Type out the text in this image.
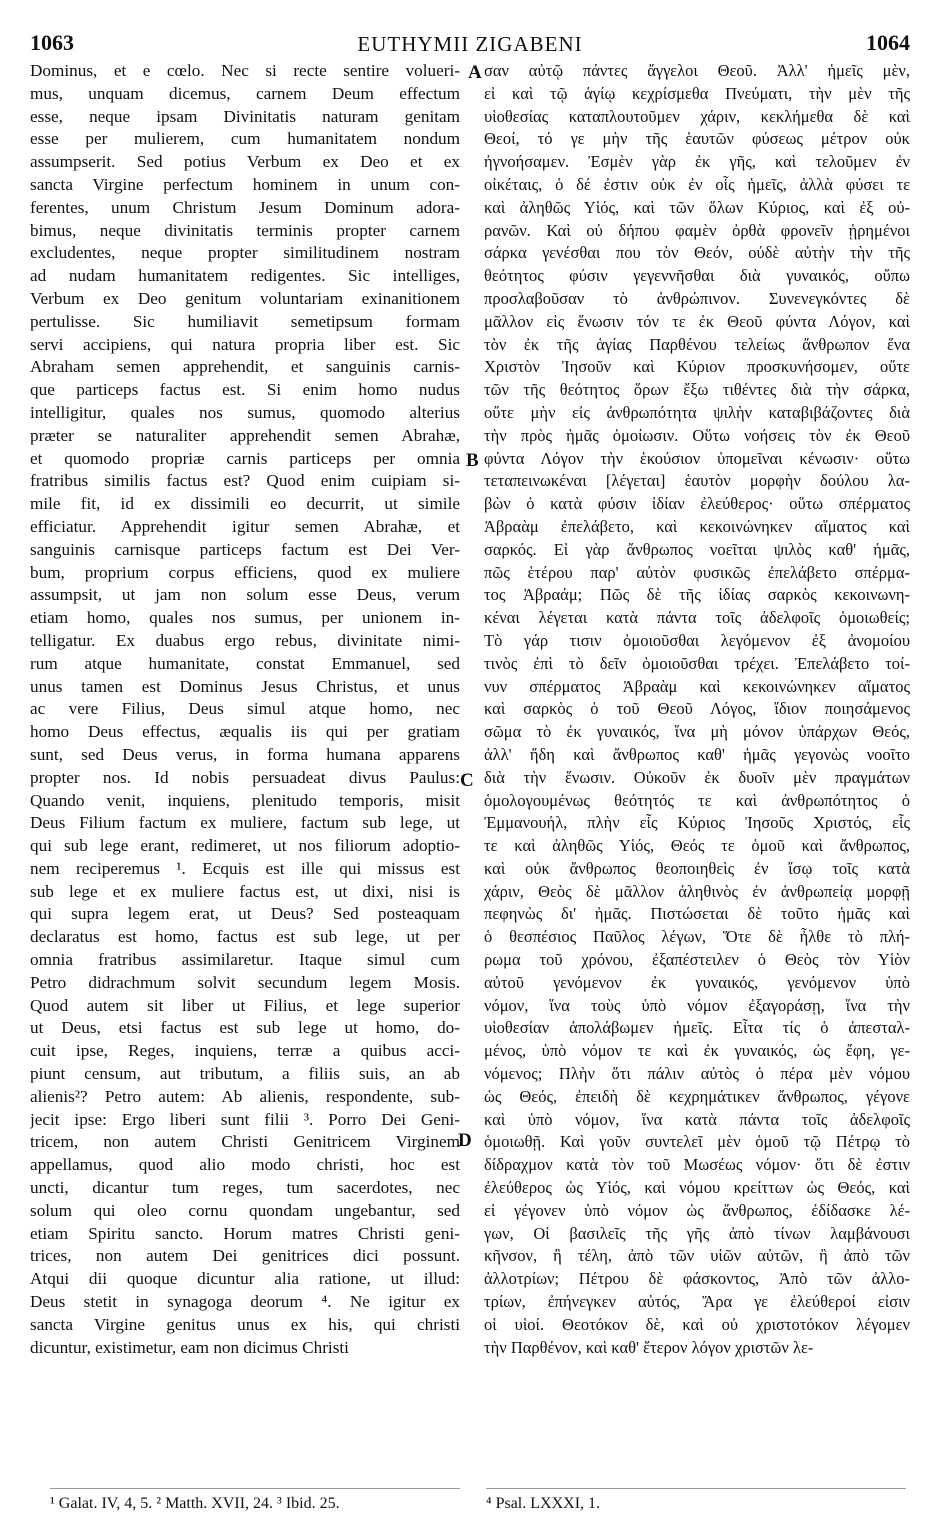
1063	EUTHYMII ZIGABENI	1064
Dominus, et e cœlo. Nec si recte sentire volueri-
mus, unquam dicemus, carnem Deum effectum
esse, neque ipsam Divinitatis naturam genitam
esse per mulierem, cum humanitatem nondum
assumpserit. Sed potius Verbum ex Deo et ex
sancta Virgine perfectum hominem in unum con-
ferentes, unum Christum Jesum Dominum adora-
bimus, neque divinitatis terminis propter carnem
excludentes, neque propter similitudinem nostram
ad nudam humanitatem redigentes. Sic intelliges,
Verbum ex Deo genitum voluntariam exinanitionem
pertulisse. Sic humiliavit semetipsum formam
servi accipiens, qui natura propria liber est. Sic
Abraham semen apprehendit, et sanguinis carnis-
que particeps factus est. Si enim homo nudus
intelligitur, quales nos sumus, quomodo alterius
præter se naturaliter apprehendit semen Abrahæ,
et quomodo propriæ carnis particeps per omnia
fratribus similis factus est? Quod enim cuipiam si-
mile fit, id ex dissimili eo decurrit, ut simile
efficiatur. Apprehendit igitur semen Abrahæ, et
sanguinis carnisque particeps factum est Dei Ver-
bum, proprium corpus efficiens, quod ex muliere
assumpsit, ut jam non solum esse Deus, verum
etiam homo, quales nos sumus, per unionem in-
telligatur. Ex duabus ergo rebus, divinitate nimi-
rum atque humanitate, constat Emmanuel, sed
unus tamen est Dominus Jesus Christus, et unus
ac vere Filius, Deus simul atque homo, nec
homo Deus effectus, æqualis iis qui per gratiam
sunt, sed Deus verus, in forma humana apparens
propter nos. Id nobis persuadeat divus Paulus:
Quando venit, inquiens, plenitudo temporis, misit
Deus Filium factum ex muliere, factum sub lege, ut
qui sub lege erant, redimeret, ut nos filiorum adoptio-
nem reciperemus ¹. Ecquis est ille qui missus est
sub lege et ex muliere factus est, ut dixi, nisi is
qui supra legem erat, ut Deus? Sed posteaquam
declaratus est homo, factus est sub lege, ut per
omnia fratribus assimilaretur. Itaque simul cum
Petro didrachmum solvit secundum legem Mosis.
Quod autem sit liber ut Filius, et lege superior
ut Deus, etsi factus est sub lege ut homo, do-
cuit ipse, Reges, inquiens, terræ a quibus acci-
piunt censum, aut tributum, a filiis suis, an ab
alienis²? Petro autem: Ab alienis, respondente, sub-
jecit ipse: Ergo liberi sunt filii ³. Porro Dei Geni-
tricem, non autem Christi Genitricem Virginem
appellamus, quod alio modo christi, hoc est
uncti, dicantur tum reges, tum sacerdotes, nec
solum qui oleo cornu quondam ungebantur, sed
etiam Spiritu sancto. Horum matres Christi geni-
trices, non autem Dei genitrices dici possunt.
Atqui dii quoque dicuntur alia ratione, ut illud:
Deus stetit in synagoga deorum ⁴. Ne igitur ex
sancta Virgine genitus unus ex his, qui christi
dicuntur, existimetur, eam non dicimus Christi
σαν αὐτῷ πάντες ἄγγελοι Θεοῦ. Ἀλλ' ἡμεῖς μὲν,
εἰ καὶ τῷ ἁγίῳ κεχρίσμεθα Πνεύματι, τὴν μὲν τῆς
υἱοθεσίας καταπλουτοῦμεν χάριν, κεκλήμεθα δὲ καὶ
Θεοί, τό γε μὴν τῆς ἑαυτῶν φύσεως μέτρον οὐκ
ἠγνοήσαμεν. Ἐσμὲν γὰρ ἐκ γῆς, καὶ τελοῦμεν ἐν
οἰκέταις, ὁ δέ ἐστιν οὐκ ἐν οἷς ἡμεῖς, ἀλλὰ φύσει τε
καὶ ἀληθῶς Υἱός, καὶ τῶν ὅλων Κύριος, καὶ ἐξ οὐ-
ρανῶν. Καὶ οὐ δήπου φαμὲν ὀρθὰ φρονεῖν ᾑρημένοι
σάρκα γενέσθαι που τὸν Θεόν, οὐδὲ αὐτὴν τὴν τῆς
θεότητος φύσιν γεγεννῆσθαι διὰ γυναικός, οὔπω
προσλαβοῦσαν τὸ ἀνθρώπινον. Συνενεγκόντες δὲ
μᾶλλον εἰς ἕνωσιν τόν τε ἐκ Θεοῦ φύντα Λόγον, καὶ
τὸν ἐκ τῆς ἁγίας Παρθένου τελείως ἄνθρωπον ἕνα
Χριστὸν Ἰησοῦν καὶ Κύριον προσκυνήσομεν, οὔτε
τῶν τῆς θεότητος ὅρων ἔξω τιθέντες διὰ τὴν σάρκα,
οὔτε μὴν εἰς ἀνθρωπότητα ψιλὴν καταβιβάζοντες διὰ
τὴν πρὸς ἡμᾶς ὁμοίωσιν. Οὕτω νοήσεις τὸν ἐκ Θεοῦ
φύντα Λόγον τὴν ἑκούσιον ὑπομεῖναι κένωσιν· οὕτω
τεταπεινωκέναι [λέγεται] ἑαυτὸν μορφὴν δούλου λα-
βὼν ὁ κατὰ φύσιν ἰδίαν ἐλεύθερος· οὕτω σπέρματος
Ἀβραὰμ ἐπελάβετο, καὶ κεκοινώνηκεν αἵματος καὶ
σαρκός. Εἰ γὰρ ἄνθρωπος νοεῖται ψιλὸς καθ' ἡμᾶς,
πῶς ἑτέρου παρ' αὐτὸν φυσικῶς ἐπελάβετο σπέρμα-
τος Ἀβραάμ; Πῶς δὲ τῆς ἰδίας σαρκὸς κεκοινωνη-
κέναι λέγεται κατὰ πάντα τοῖς ἀδελφοῖς ὁμοιωθείς;
Τὸ γάρ τισιν ὁμοιοῦσθαι λεγόμενον ἐξ ἀνομοίου
τινὸς ἐπὶ τὸ δεῖν ὁμοιοῦσθαι τρέχει. Ἐπελάβετο τοί-
νυν σπέρματος Ἀβραὰμ καὶ κεκοινώνηκεν αἵματος
καὶ σαρκὸς ὁ τοῦ Θεοῦ Λόγος, ἴδιον ποιησάμενος
σῶμα τὸ ἐκ γυναικός, ἵνα μὴ μόνον ὑπάρχων Θεός,
ἀλλ' ἤδη καὶ ἄνθρωπος καθ' ἡμᾶς γεγονὼς νοοῖτο
διὰ τὴν ἕνωσιν. Οὐκοῦν ἐκ δυοῖν μὲν πραγμάτων
ὁμολογουμένως θεότητός τε καὶ ἀνθρωπότητος ὁ
Ἐμμανουήλ, πλὴν εἷς Κύριος Ἰησοῦς Χριστός, εἷς
τε καὶ ἀληθῶς Υἱός, Θεός τε ὁμοῦ καὶ ἄνθρωπος,
καὶ οὐκ ἄνθρωπος θεοποιηθεὶς ἐν ἴσῳ τοῖς κατὰ
χάριν, Θεὸς δὲ μᾶλλον ἀληθινὸς ἐν ἀνθρωπείᾳ μορφῇ
πεφηνὼς δι' ἡμᾶς. Πιστώσεται δὲ τοῦτο ἡμᾶς καὶ
ὁ θεσπέσιος Παῦλος λέγων, Ὅτε δὲ ἦλθε τὸ πλή-
ρωμα τοῦ χρόνου, ἐξαπέστειλεν ὁ Θεὸς τὸν Υἱὸν
αὐτοῦ γενόμενον ἐκ γυναικός, γενόμενον ὑπὸ
νόμον, ἵνα τοὺς ὑπὸ νόμον ἐξαγοράσῃ, ἵνα τὴν
υἱοθεσίαν ἀπολάβωμεν ἡμεῖς. Εἶτα τίς ὁ ἀπεσταλ-
μένος, ὑπὸ νόμον τε καὶ ἐκ γυναικός, ὡς ἔφη, γε-
νόμενος; Πλὴν ὅτι πάλιν αὐτὸς ὁ πέρα μὲν νόμου
ὡς Θεός, ἐπειδὴ δὲ κεχρημάτικεν ἄνθρωπος, γέγονε
καὶ ὑπὸ νόμον, ἵνα κατὰ πάντα τοῖς ἀδελφοῖς
ὁμοιωθῇ. Καὶ γοῦν συντελεῖ μὲν ὁμοῦ τῷ Πέτρῳ τὸ
δίδραχμον κατὰ τὸν τοῦ Μωσέως νόμον· ὅτι δὲ ἐστιν
ἐλεύθερος ὡς Υἱός, καὶ νόμου κρείττων ὡς Θεός, καὶ
εἰ γέγονεν ὑπὸ νόμον ὡς ἄνθρωπος, ἐδίδασκε λέ-
γων, Οἱ βασιλεῖς τῆς γῆς ἀπὸ τίνων λαμβάνουσι
κῆνσον, ἢ τέλη, ἀπὸ τῶν υἱῶν αὐτῶν, ἢ ἀπὸ τῶν
ἀλλοτρίων; Πέτρου δὲ φάσκοντος, Ἀπὸ τῶν ἀλλο-
τρίων, ἐπήνεγκεν αὐτός, Ἄρα γε ἐλεύθεροί εἰσιν
οἱ υἱοί. Θεοτόκον δὲ, καὶ οὐ χριστοτόκον λέγομεν
τὴν Παρθένον, καὶ καθ' ἕτερον λόγον χριστῶν λε-
A
B
C
D
¹ Galat. IV, 4, 5. ² Matth. XVII, 24. ³ Ibid. 25.	⁴ Psal. LXXXI, 1.
